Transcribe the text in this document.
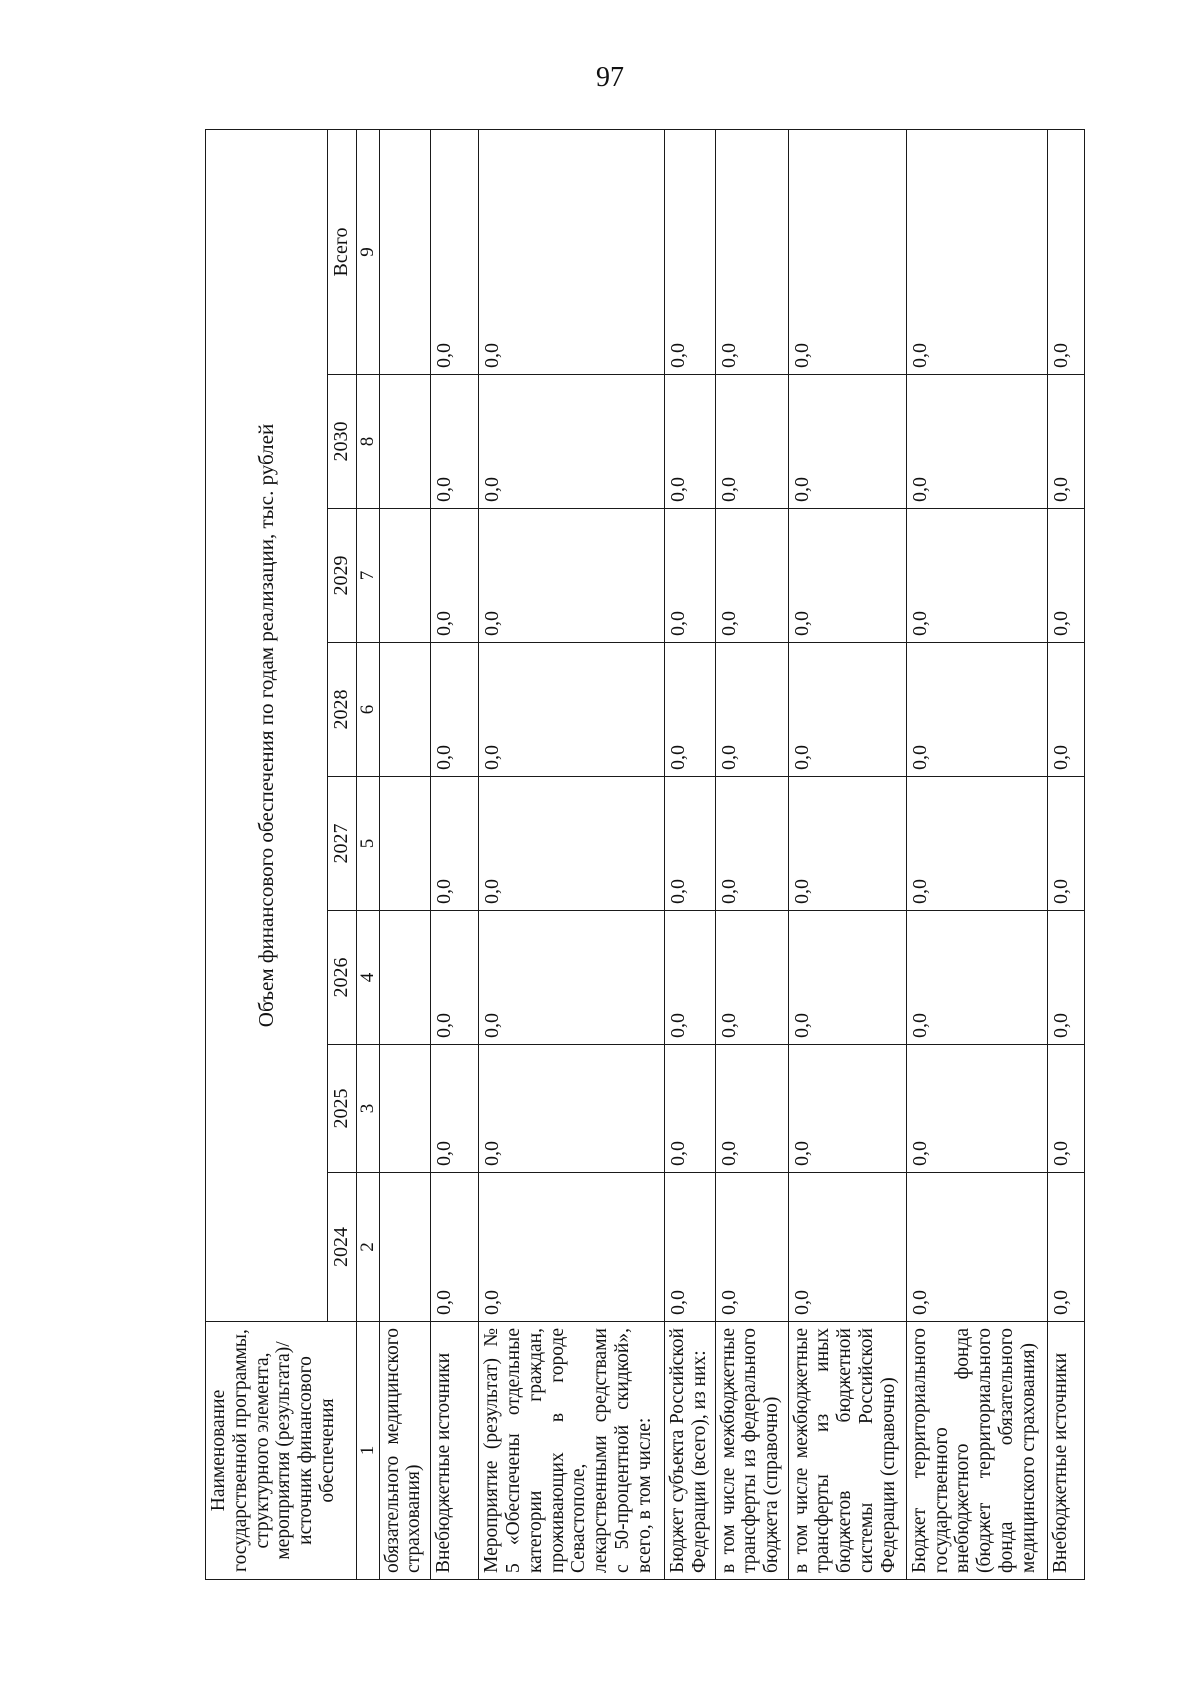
97
Наименование государственной программы, структурного элемента, мероприятия (результата)/источник финансового обеспечения	Объем финансового обеспечения по годам реализации, тыс. рублей							
	2024	2025	2026	2027	2028	2029	2030	Всего
1	2	3	4	5	6	7	8	9
обязательного медицинского страхования)								
Внебюджетные источники	0,0	0,0	0,0	0,0	0,0	0,0	0,0	0,0
Мероприятие (результат) № 5 «Обеспечены отдельные категории граждан, проживающих в городе Севастополе, лекарственными средствами с 50-процентной скидкой», всего, в том числе:	0,0	0,0	0,0	0,0	0,0	0,0	0,0	0,0
Бюджет субъекта Российской Федерации (всего), из них:	0,0	0,0	0,0	0,0	0,0	0,0	0,0	0,0
в том числе межбюджетные трансферты из федерального бюджета (справочно)	0,0	0,0	0,0	0,0	0,0	0,0	0,0	0,0
в том числе межбюджетные трансферты из иных бюджетов бюджетной системы Российской Федерации (справочно)	0,0	0,0	0,0	0,0	0,0	0,0	0,0	0,0
Бюджет территориального государственного внебюджетного фонда (бюджет территориального фонда обязательного медицинского страхования)	0,0	0,0	0,0	0,0	0,0	0,0	0,0	0,0
Внебюджетные источники	0,0	0,0	0,0	0,0	0,0	0,0	0,0	0,0
